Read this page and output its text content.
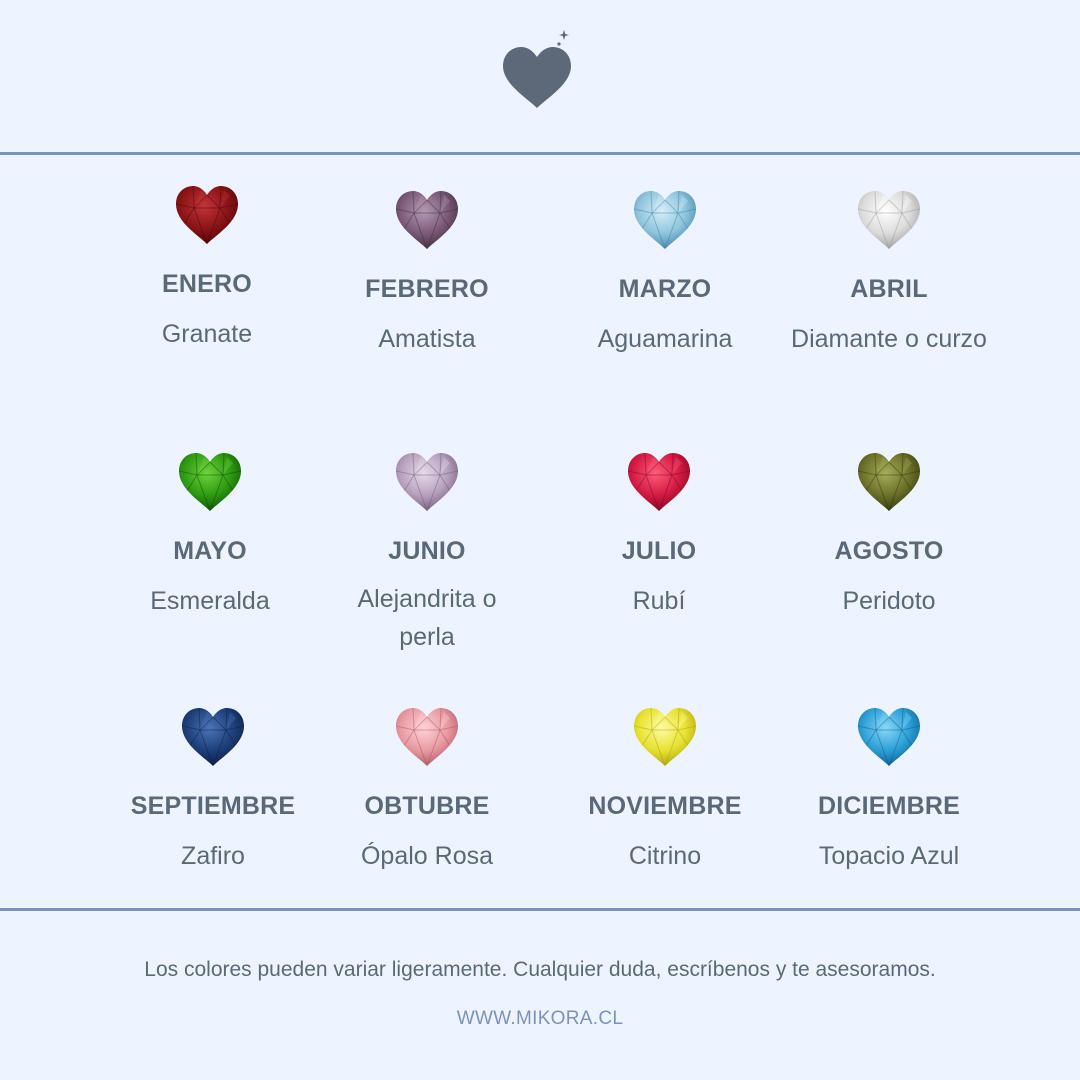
ENERO
Granate
FEBRERO
Amatista
MARZO
Aguamarina
ABRIL
Diamante o curzo
MAYO
Esmeralda
JUNIO
Alejandrita o perla
JULIO
Rubí
AGOSTO
Peridoto
SEPTIEMBRE
Zafiro
OBTUBRE
Ópalo Rosa
NOVIEMBRE
Citrino
DICIEMBRE
Topacio Azul
Los colores pueden variar ligeramente. Cualquier duda, escríbenos y te asesoramos.
WWW.MIKORA.CL
